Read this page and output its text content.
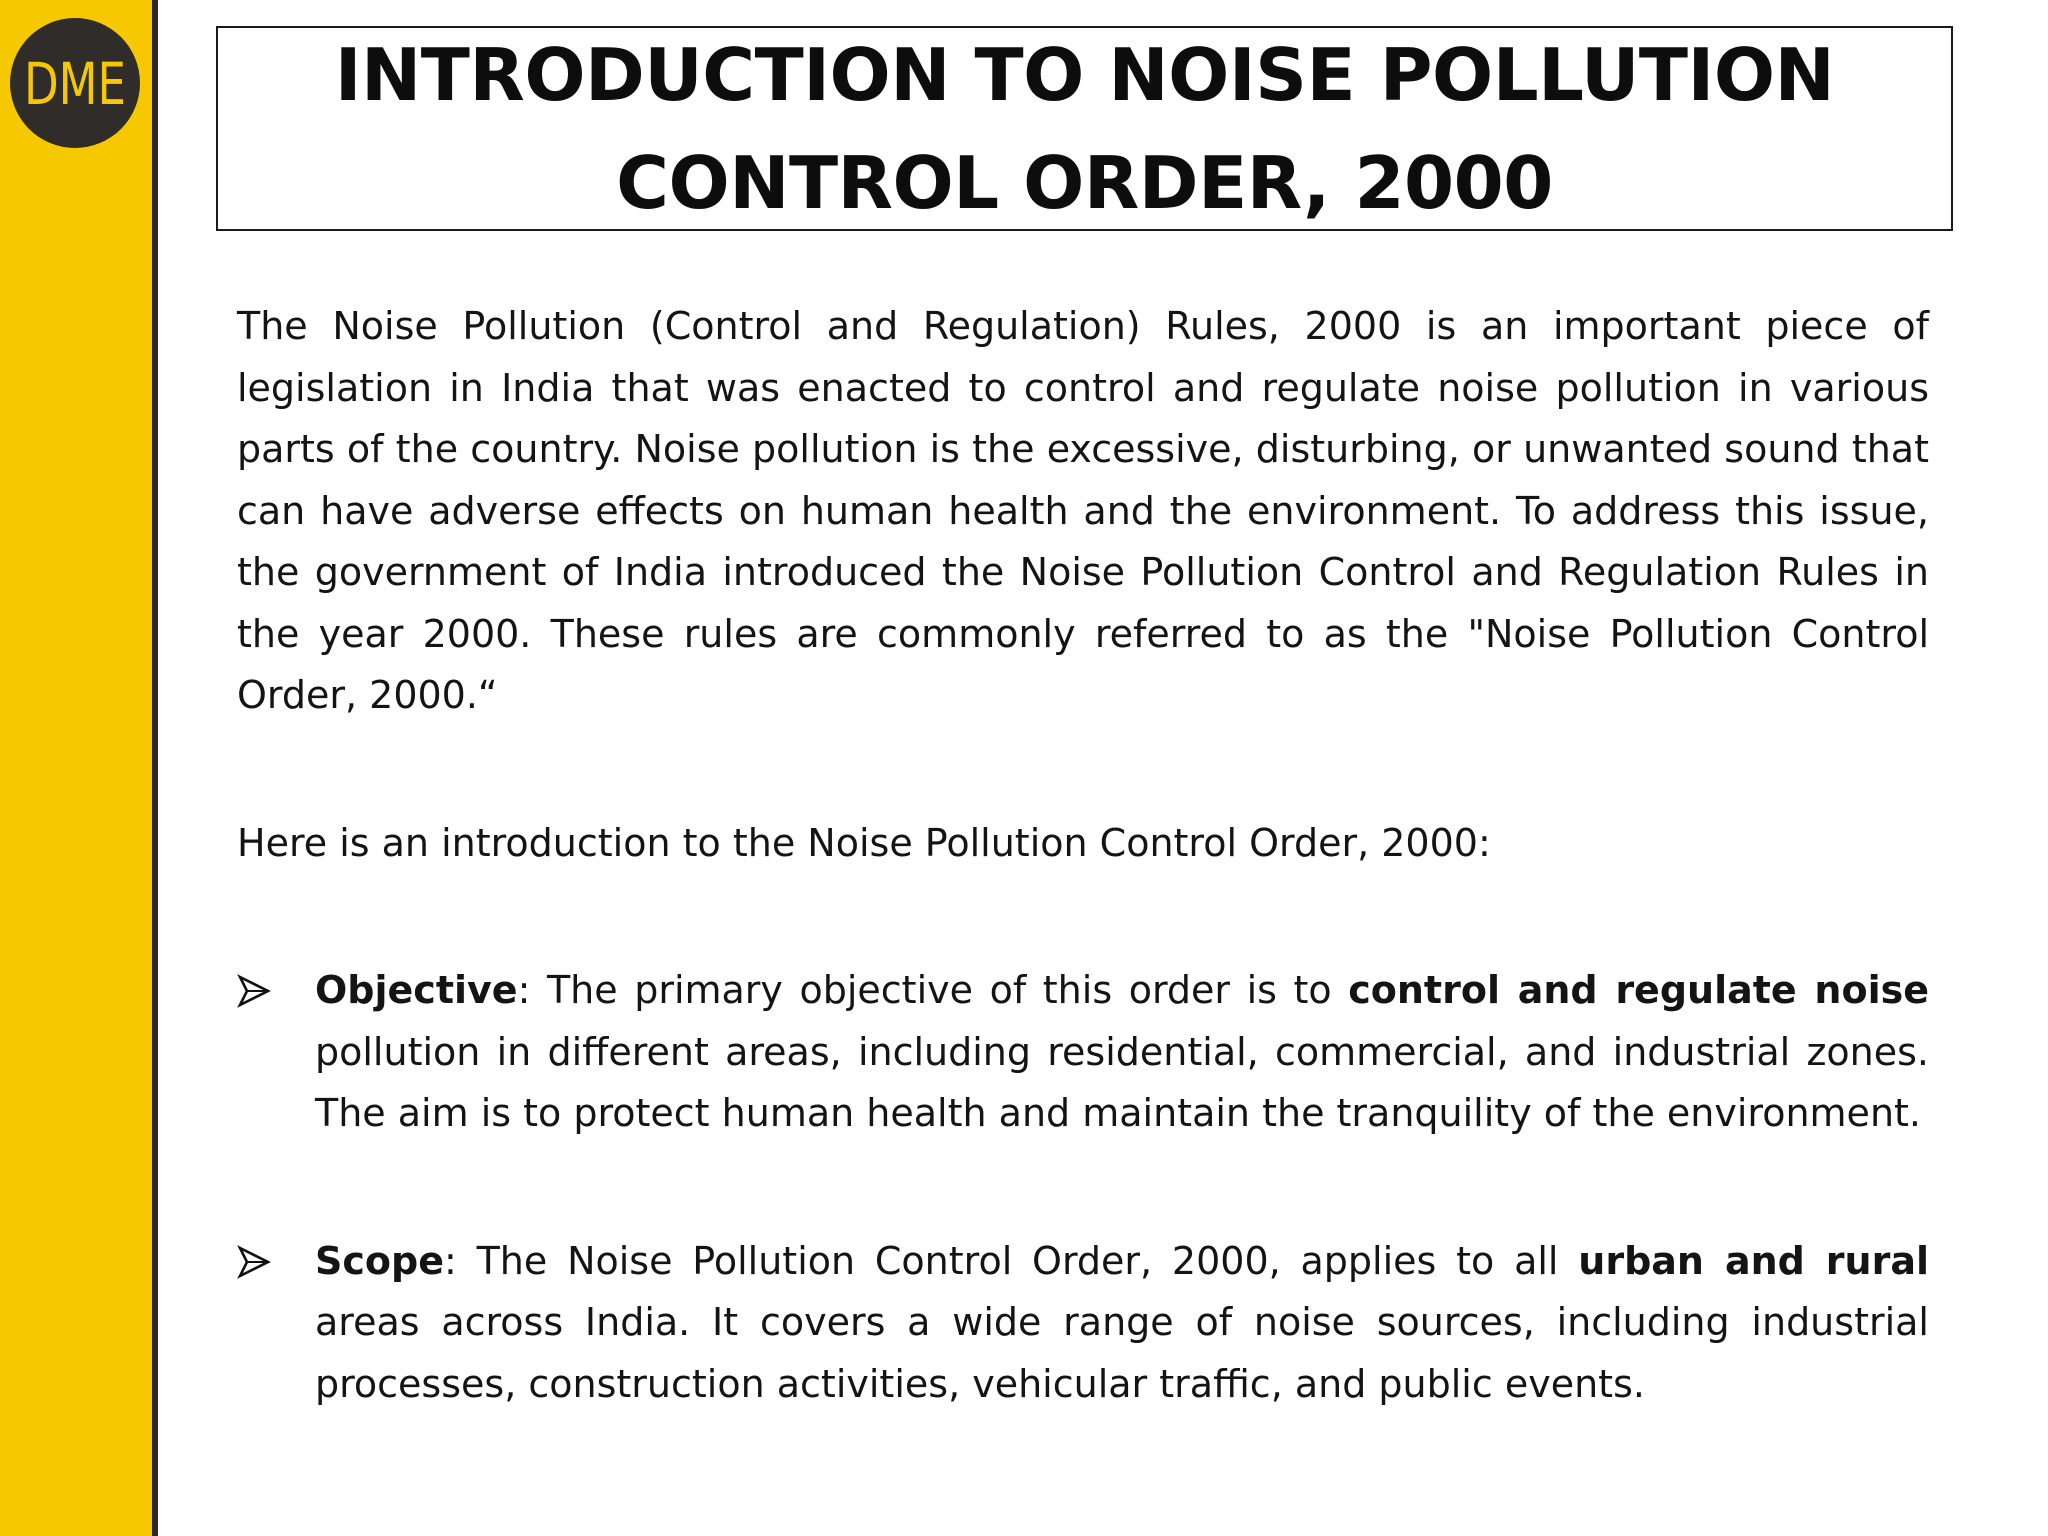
DME	INTRODUCTION TO NOISE POLLUTION
CONTROL ORDER, 2000

The Noise Pollution (Control and Regulation) Rules, 2000 is an important piece of legislation in India that was enacted to control and regulate noise pollution in various parts of the country. Noise pollution is the excessive, disturbing, or unwanted sound that can have adverse effects on human health and the environment. To address this issue, the government of India introduced the Noise Pollution Control and Regulation Rules in the year 2000. These rules are commonly referred to as the "Noise Pollution Control Order, 2000.“

Here is an introduction to the Noise Pollution Control Order, 2000:

Objective: The primary objective of this order is to control and regulate noise pollution in different areas, including residential, commercial, and industrial zones. The aim is to protect human health and maintain the tranquility of the environment.
Scope: The Noise Pollution Control Order, 2000, applies to all urban and rural areas across India. It covers a wide range of noise sources, including industrial processes, construction activities, vehicular traffic, and public events.
